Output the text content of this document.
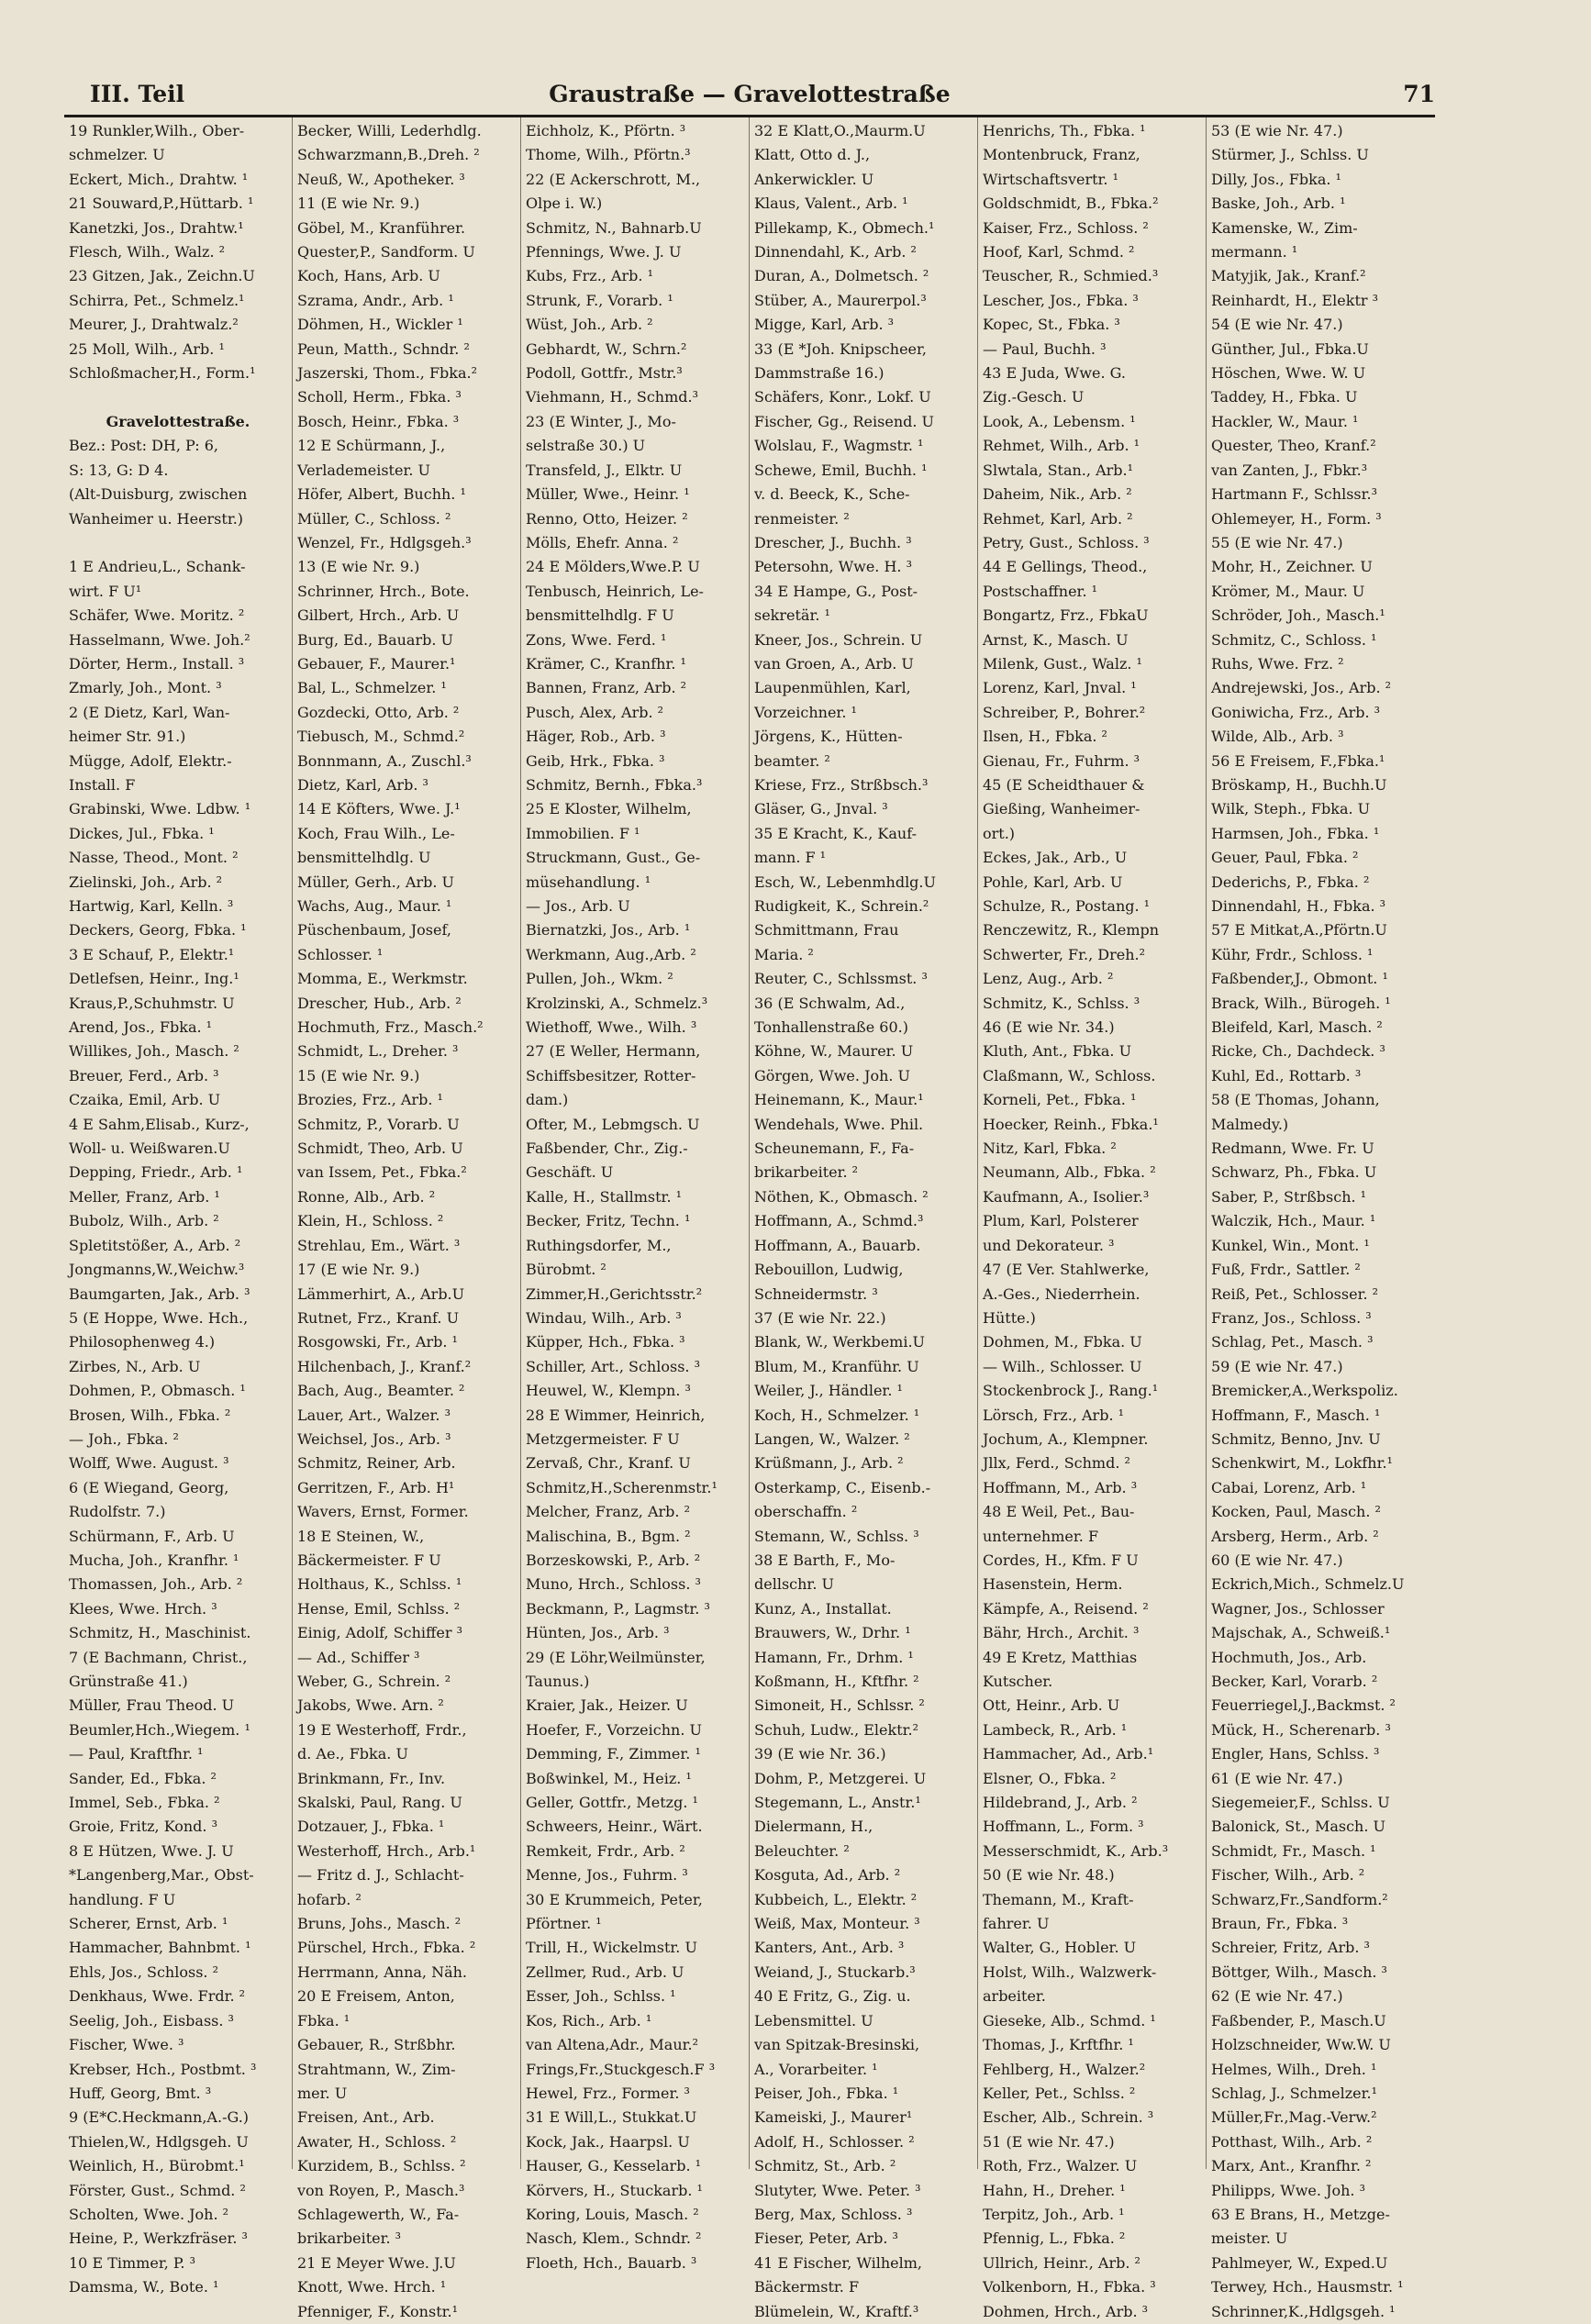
III. Teil	Graustraße — Gravelottestraße	71
19 Runkler,Wilh., Ober-
schmelzer. U
Eckert, Mich., Drahtw. ¹
21 Souward,P.,Hüttarb. ¹
Kanetzki, Jos., Drahtw.¹
Flesch, Wilh., Walz. ²
23 Gitzen, Jak., Zeichn.U
Schirra, Pet., Schmelz.¹
Meurer, J., Drahtwalz.²
25 Moll, Wilh., Arb. ¹
Schloßmacher,H., Form.¹

Gravelottestraße.
Bez.: Post: DH, P: 6,
S: 13, G: D 4.
(Alt-Duisburg, zwischen
Wanheimer u. Heerstr.)

1 E Andrieu,L., Schank-
wirt. F U¹
Schäfer, Wwe. Moritz. ²
Hasselmann, Wwe. Joh.²
Dörter, Herm., Install. ³
Zmarly, Joh., Mont. ³
2 (E Dietz, Karl, Wan-
heimer Str. 91.)
Mügge, Adolf, Elektr.-
Install. F
Grabinski, Wwe. Ldbw. ¹
Dickes, Jul., Fbka. ¹
Nasse, Theod., Mont. ²
Zielinski, Joh., Arb. ²
Hartwig, Karl, Kelln. ³
Deckers, Georg, Fbka. ¹
3 E Schauf, P., Elektr.¹
Detlefsen, Heinr., Ing.¹
Kraus,P.,Schuhmstr. U
Arend, Jos., Fbka. ¹
Willikes, Joh., Masch. ²
Breuer, Ferd., Arb. ³
Czaika, Emil, Arb. U
4 E Sahm,Elisab., Kurz-,
Woll- u. Weißwaren.U
Depping, Friedr., Arb. ¹
Meller, Franz, Arb. ¹
Bubolz, Wilh., Arb. ²
Spletitstößer, A., Arb. ²
Jongmanns,W.,Weichw.³
Baumgarten, Jak., Arb. ³
5 (E Hoppe, Wwe. Hch.,
Philosophenweg 4.)
Zirbes, N., Arb. U
Dohmen, P., Obmasch. ¹
Brosen, Wilh., Fbka. ²
— Joh., Fbka. ²
Wolff, Wwe. August. ³
6 (E Wiegand, Georg,
Rudolfstr. 7.)
Schürmann, F., Arb. U
Mucha, Joh., Kranfhr. ¹
Thomassen, Joh., Arb. ²
Klees, Wwe. Hrch. ³
Schmitz, H., Maschinist.
7 (E Bachmann, Christ.,
Grünstraße 41.)
Müller, Frau Theod. U
Beumler,Hch.,Wiegem. ¹
— Paul, Kraftfhr. ¹
Sander, Ed., Fbka. ²
Immel, Seb., Fbka. ²
Groie, Fritz, Kond. ³
8 E Hützen, Wwe. J. U
*Langenberg,Mar., Obst-
handlung. F U
Scherer, Ernst, Arb. ¹
Hammacher, Bahnbmt. ¹
Ehls, Jos., Schloss. ²
Denkhaus, Wwe. Frdr. ²
Seelig, Joh., Eisbass. ³
Fischer, Wwe. ³
Krebser, Hch., Postbmt. ³
Huff, Georg, Bmt. ³
9 (E*C.Heckmann,A.-G.)
Thielen,W., Hdlgsgeh. U
Weinlich, H., Bürobmt.¹
Förster, Gust., Schmd. ²
Scholten, Wwe. Joh. ²
Heine, P., Werkzfräser. ³
10 E Timmer, P. ³
Damsma, W., Bote. ¹
Becker, Willi, Lederhdlg.
Schwarzmann,B.,Dreh. ²
Neuß, W., Apotheker. ³
11 (E wie Nr. 9.)
Göbel, M., Kranführer.
Quester,P., Sandform. U
Koch, Hans, Arb. U
Szrama, Andr., Arb. ¹
Döhmen, H., Wickler ¹
Peun, Matth., Schndr. ²
Jaszerski, Thom., Fbka.²
Scholl, Herm., Fbka. ³
Bosch, Heinr., Fbka. ³
12 E Schürmann, J.,
Verlademeister. U
Höfer, Albert, Buchh. ¹
Müller, C., Schloss. ²
Wenzel, Fr., Hdlgsgeh.³
13 (E wie Nr. 9.)
Schrinner, Hrch., Bote.
Gilbert, Hrch., Arb. U
Burg, Ed., Bauarb. U
Gebauer, F., Maurer.¹
Bal, L., Schmelzer. ¹
Gozdecki, Otto, Arb. ²
Tiebusch, M., Schmd.²
Bonnmann, A., Zuschl.³
Dietz, Karl, Arb. ³
14 E Köfters, Wwe. J.¹
Koch, Frau Wilh., Le-
bensmittelhdlg. U
Müller, Gerh., Arb. U
Wachs, Aug., Maur. ¹
Püschenbaum, Josef,
Schlosser. ¹
Momma, E., Werkmstr.
Drescher, Hub., Arb. ²
Hochmuth, Frz., Masch.²
Schmidt, L., Dreher. ³
15 (E wie Nr. 9.)
Brozies, Frz., Arb. ¹
Schmitz, P., Vorarb. U
Schmidt, Theo, Arb. U
van Issem, Pet., Fbka.²
Ronne, Alb., Arb. ²
Klein, H., Schloss. ²
Strehlau, Em., Wärt. ³
17 (E wie Nr. 9.)
Lämmerhirt, A., Arb.U
Rutnet, Frz., Kranf. U
Rosgowski, Fr., Arb. ¹
Hilchenbach, J., Kranf.²
Bach, Aug., Beamter. ²
Lauer, Art., Walzer. ³
Weichsel, Jos., Arb. ³
Schmitz, Reiner, Arb.
Gerritzen, F., Arb. H¹
Wavers, Ernst, Former.
18 E Steinen, W.,
Bäckermeister. F U
Holthaus, K., Schlss. ¹
Hense, Emil, Schlss. ²
Einig, Adolf, Schiffer ³
— Ad., Schiffer ³
Weber, G., Schrein. ²
Jakobs, Wwe. Arn. ²
19 E Westerhoff, Frdr.,
d. Ae., Fbka. U
Brinkmann, Fr., Inv.
Skalski, Paul, Rang. U
Dotzauer, J., Fbka. ¹
Westerhoff, Hrch., Arb.¹
— Fritz d. J., Schlacht-
hofarb. ²
Bruns, Johs., Masch. ²
Pürschel, Hrch., Fbka. ²
Herrmann, Anna, Näh.
20 E Freisem, Anton,
Fbka. ¹
Gebauer, R., Strßbhr.
Strahtmann, W., Zim-
mer. U
Freisen, Ant., Arb.
Awater, H., Schloss. ²
Kurzidem, B., Schlss. ²
von Royen, P., Masch.³
Schlagewerth, W., Fa-
brikarbeiter. ³
21 E Meyer Wwe. J.U
Knott, Wwe. Hrch. ¹
Pfenniger, F., Konstr.¹
Eichholz, K., Pförtn. ³
Thome, Wilh., Pförtn.³
22 (E Ackerschrott, M.,
Olpe i. W.)
Schmitz, N., Bahnarb.U
Pfennings, Wwe. J. U
Kubs, Frz., Arb. ¹
Strunk, F., Vorarb. ¹
Wüst, Joh., Arb. ²
Gebhardt, W., Schrn.²
Podoll, Gottfr., Mstr.³
Viehmann, H., Schmd.³
23 (E Winter, J., Mo-
selstraße 30.) U
Transfeld, J., Elktr. U
Müller, Wwe., Heinr. ¹
Renno, Otto, Heizer. ²
Mölls, Ehefr. Anna. ²
24 E Mölders,Wwe.P. U
Tenbusch, Heinrich, Le-
bensmittelhdlg. F U
Zons, Wwe. Ferd. ¹
Krämer, C., Kranfhr. ¹
Bannen, Franz, Arb. ²
Pusch, Alex, Arb. ²
Häger, Rob., Arb. ³
Geib, Hrk., Fbka. ³
Schmitz, Bernh., Fbka.³
25 E Kloster, Wilhelm,
Immobilien. F ¹
Struckmann, Gust., Ge-
müsehandlung. ¹
— Jos., Arb. U
Biernatzki, Jos., Arb. ¹
Werkmann, Aug.,Arb. ²
Pullen, Joh., Wkm. ²
Krolzinski, A., Schmelz.³
Wiethoff, Wwe., Wilh. ³
27 (E Weller, Hermann,
Schiffsbesitzer, Rotter-
dam.)
Ofter, M., Lebmgsch. U
Faßbender, Chr., Zig.-
Geschäft. U
Kalle, H., Stallmstr. ¹
Becker, Fritz, Techn. ¹
Ruthingsdorfer, M.,
Bürobmt. ²
Zimmer,H.,Gerichtsstr.²
Windau, Wilh., Arb. ³
Küpper, Hch., Fbka. ³
Schiller, Art., Schloss. ³
Heuwel, W., Klempn. ³
28 E Wimmer, Heinrich,
Metzgermeister. F U
Zervaß, Chr., Kranf. U
Schmitz,H.,Scherenmstr.¹
Melcher, Franz, Arb. ²
Malischina, B., Bgm. ²
Borzeskowski, P., Arb. ²
Muno, Hrch., Schloss. ³
Beckmann, P., Lagmstr. ³
Hünten, Jos., Arb. ³
29 (E Löhr,Weilmünster,
Taunus.)
Kraier, Jak., Heizer. U
Hoefer, F., Vorzeichn. U
Demming, F., Zimmer. ¹
Boßwinkel, M., Heiz. ¹
Geller, Gottfr., Metzg. ¹
Schweers, Heinr., Wärt.
Remkeit, Frdr., Arb. ²
Menne, Jos., Fuhrm. ³
30 E Krummeich, Peter,
Pförtner. ¹
Trill, H., Wickelmstr. U
Zellmer, Rud., Arb. U
Esser, Joh., Schlss. ¹
Kos, Rich., Arb. ¹
van Altena,Adr., Maur.²
Frings,Fr.,Stuckgesch.F ³
Hewel, Frz., Former. ³
31 E Will,L., Stukkat.U
Kock, Jak., Haarpsl. U
Hauser, G., Kesselarb. ¹
Körvers, H., Stuckarb. ¹
Koring, Louis, Masch. ²
Nasch, Klem., Schndr. ²
Floeth, Hch., Bauarb. ³
32 E Klatt,O.,Maurm.U
Klatt, Otto d. J.,
Ankerwickler. U
Klaus, Valent., Arb. ¹
Pillekamp, K., Obmech.¹
Dinnendahl, K., Arb. ²
Duran, A., Dolmetsch. ²
Stüber, A., Maurerpol.³
Migge, Karl, Arb. ³
33 (E *Joh. Knipscheer,
Dammstraße 16.)
Schäfers, Konr., Lokf. U
Fischer, Gg., Reisend. U
Wolslau, F., Wagmstr. ¹
Schewe, Emil, Buchh. ¹
v. d. Beeck, K., Sche-
renmeister. ²
Drescher, J., Buchh. ³
Petersohn, Wwe. H. ³
34 E Hampe, G., Post-
sekretär. ¹
Kneer, Jos., Schrein. U
van Groen, A., Arb. U
Laupenmühlen, Karl,
Vorzeichner. ¹
Jörgens, K., Hütten-
beamter. ²
Kriese, Frz., Strßbsch.³
Gläser, G., Jnval. ³
35 E Kracht, K., Kauf-
mann. F ¹
Esch, W., Lebenmhdlg.U
Rudigkeit, K., Schrein.²
Schmittmann, Frau
Maria. ²
Reuter, C., Schlssmst. ³
36 (E Schwalm, Ad.,
Tonhallenstraße 60.)
Köhne, W., Maurer. U
Görgen, Wwe. Joh. U
Heinemann, K., Maur.¹
Wendehals, Wwe. Phil.
Scheunemann, F., Fa-
brikarbeiter. ²
Nöthen, K., Obmasch. ²
Hoffmann, A., Schmd.³
Hoffmann, A., Bauarb.
Rebouillon, Ludwig,
Schneidermstr. ³
37 (E wie Nr. 22.)
Blank, W., Werkbemi.U
Blum, M., Kranführ. U
Weiler, J., Händler. ¹
Koch, H., Schmelzer. ¹
Langen, W., Walzer. ²
Krüßmann, J., Arb. ²
Osterkamp, C., Eisenb.-
oberschaffn. ²
Stemann, W., Schlss. ³
38 E Barth, F., Mo-
dellschr. U
Kunz, A., Installat.
Brauwers, W., Drhr. ¹
Hamann, Fr., Drhm. ¹
Koßmann, H., Kftfhr. ²
Simoneit, H., Schlssr. ²
Schuh, Ludw., Elektr.²
39 (E wie Nr. 36.)
Dohm, P., Metzgerei. U
Stegemann, L., Anstr.¹
Dielermann, H.,
Beleuchter. ²
Kosguta, Ad., Arb. ²
Kubbeich, L., Elektr. ²
Weiß, Max, Monteur. ³
Kanters, Ant., Arb. ³
Weiand, J., Stuckarb.³
40 E Fritz, G., Zig. u.
Lebensmittel. U
van Spitzak-Bresinski,
A., Vorarbeiter. ¹
Peiser, Joh., Fbka. ¹
Kameiski, J., Maurer¹
Adolf, H., Schlosser. ²
Schmitz, St., Arb. ²
Slutyter, Wwe. Peter. ³
Berg, Max, Schloss. ³
Fieser, Peter, Arb. ³
41 E Fischer, Wilhelm,
Bäckermstr. F
Blümelein, W., Kraftf.³
Henrichs, Th., Fbka. ¹
Montenbruck, Franz,
Wirtschaftsvertr. ¹
Goldschmidt, B., Fbka.²
Kaiser, Frz., Schloss. ²
Hoof, Karl, Schmd. ²
Teuscher, R., Schmied.³
Lescher, Jos., Fbka. ³
Kopec, St., Fbka. ³
— Paul, Buchh. ³
43 E Juda, Wwe. G.
Zig.-Gesch. U
Look, A., Lebensm. ¹
Rehmet, Wilh., Arb. ¹
Slwtala, Stan., Arb.¹
Daheim, Nik., Arb. ²
Rehmet, Karl, Arb. ²
Petry, Gust., Schloss. ³
44 E Gellings, Theod.,
Postschaffner. ¹
Bongartz, Frz., FbkaU
Arnst, K., Masch. U
Milenk, Gust., Walz. ¹
Lorenz, Karl, Jnval. ¹
Schreiber, P., Bohrer.²
Ilsen, H., Fbka. ²
Gienau, Fr., Fuhrm. ³
45 (E Scheidthauer &
Gießing, Wanheimer-
ort.)
Eckes, Jak., Arb., U
Pohle, Karl, Arb. U
Schulze, R., Postang. ¹
Renczewitz, R., Klempn
Schwerter, Fr., Dreh.²
Lenz, Aug., Arb. ²
Schmitz, K., Schlss. ³
46 (E wie Nr. 34.)
Kluth, Ant., Fbka. U
Claßmann, W., Schloss.
Korneli, Pet., Fbka. ¹
Hoecker, Reinh., Fbka.¹
Nitz, Karl, Fbka. ²
Neumann, Alb., Fbka. ²
Kaufmann, A., Isolier.³
Plum, Karl, Polsterer
und Dekorateur. ³
47 (E Ver. Stahlwerke,
A.-Ges., Niederrhein.
Hütte.)
Dohmen, M., Fbka. U
— Wilh., Schlosser. U
Stockenbrock J., Rang.¹
Lörsch, Frz., Arb. ¹
Jochum, A., Klempner.
Jllx, Ferd., Schmd. ²
Hoffmann, M., Arb. ³
48 E Weil, Pet., Bau-
unternehmer. F
Cordes, H., Kfm. F U
Hasenstein, Herm.
Kämpfe, A., Reisend. ²
Bähr, Hrch., Archit. ³
49 E Kretz, Matthias
Kutscher.
Ott, Heinr., Arb. U
Lambeck, R., Arb. ¹
Hammacher, Ad., Arb.¹
Elsner, O., Fbka. ²
Hildebrand, J., Arb. ²
Hoffmann, L., Form. ³
Messerschmidt, K., Arb.³
50 (E wie Nr. 48.)
Themann, M., Kraft-
fahrer. U
Walter, G., Hobler. U
Holst, Wilh., Walzwerk-
arbeiter.
Gieseke, Alb., Schmd. ¹
Thomas, J., Krftfhr. ¹
Fehlberg, H., Walzer.²
Keller, Pet., Schlss. ²
Escher, Alb., Schrein. ³
51 (E wie Nr. 47.)
Roth, Frz., Walzer. U
Hahn, H., Dreher. ¹
Terpitz, Joh., Arb. ¹
Pfennig, L., Fbka. ²
Ullrich, Heinr., Arb. ²
Volkenborn, H., Fbka. ³
Dohmen, Hrch., Arb. ³
53 (E wie Nr. 47.)
Stürmer, J., Schlss. U
Dilly, Jos., Fbka. ¹
Baske, Joh., Arb. ¹
Kamenske, W., Zim-
mermann. ¹
Matyjik, Jak., Kranf.²
Reinhardt, H., Elektr ³
54 (E wie Nr. 47.)
Günther, Jul., Fbka.U
Höschen, Wwe. W. U
Taddey, H., Fbka. U
Hackler, W., Maur. ¹
Quester, Theo, Kranf.²
van Zanten, J., Fbkr.³
Hartmann F., Schlssr.³
Ohlemeyer, H., Form. ³
55 (E wie Nr. 47.)
Mohr, H., Zeichner. U
Krömer, M., Maur. U
Schröder, Joh., Masch.¹
Schmitz, C., Schloss. ¹
Ruhs, Wwe. Frz. ²
Andrejewski, Jos., Arb. ²
Goniwicha, Frz., Arb. ³
Wilde, Alb., Arb. ³
56 E Freisem, F.,Fbka.¹
Bröskamp, H., Buchh.U
Wilk, Steph., Fbka. U
Harmsen, Joh., Fbka. ¹
Geuer, Paul, Fbka. ²
Dederichs, P., Fbka. ²
Dinnendahl, H., Fbka. ³
57 E Mitkat,A.,Pförtn.U
Kühr, Frdr., Schloss. ¹
Faßbender,J., Obmont. ¹
Brack, Wilh., Bürogeh. ¹
Bleifeld, Karl, Masch. ²
Ricke, Ch., Dachdeck. ³
Kuhl, Ed., Rottarb. ³
58 (E Thomas, Johann,
Malmedy.)
Redmann, Wwe. Fr. U
Schwarz, Ph., Fbka. U
Saber, P., Strßbsch. ¹
Walczik, Hch., Maur. ¹
Kunkel, Win., Mont. ¹
Fuß, Frdr., Sattler. ²
Reiß, Pet., Schlosser. ²
Franz, Jos., Schloss. ³
Schlag, Pet., Masch. ³
59 (E wie Nr. 47.)
Bremicker,A.,Werkspoliz.
Hoffmann, F., Masch. ¹
Schmitz, Benno, Jnv. U
Schenkwirt, M., Lokfhr.¹
Cabai, Lorenz, Arb. ¹
Kocken, Paul, Masch. ²
Arsberg, Herm., Arb. ²
60 (E wie Nr. 47.)
Eckrich,Mich., Schmelz.U
Wagner, Jos., Schlosser
Majschak, A., Schweiß.¹
Hochmuth, Jos., Arb.
Becker, Karl, Vorarb. ²
Feuerriegel,J.,Backmst. ²
Mück, H., Scherenarb. ³
Engler, Hans, Schlss. ³
61 (E wie Nr. 47.)
Siegemeier,F., Schlss. U
Balonick, St., Masch. U
Schmidt, Fr., Masch. ¹
Fischer, Wilh., Arb. ²
Schwarz,Fr.,Sandform.²
Braun, Fr., Fbka. ³
Schreier, Fritz, Arb. ³
Böttger, Wilh., Masch. ³
62 (E wie Nr. 47.)
Faßbender, P., Masch.U
Holzschneider, Ww.W. U
Helmes, Wilh., Dreh. ¹
Schlag, J., Schmelzer.¹
Müller,Fr.,Mag.-Verw.²
Potthast, Wilh., Arb. ²
Marx, Ant., Kranfhr. ²
Philipps, Wwe. Joh. ³
63 E Brans, H., Metzge-
meister. U
Pahlmeyer, W., Exped.U
Terwey, Hch., Hausmstr. ¹
Schrinner,K.,Hdlgsgeh. ¹
